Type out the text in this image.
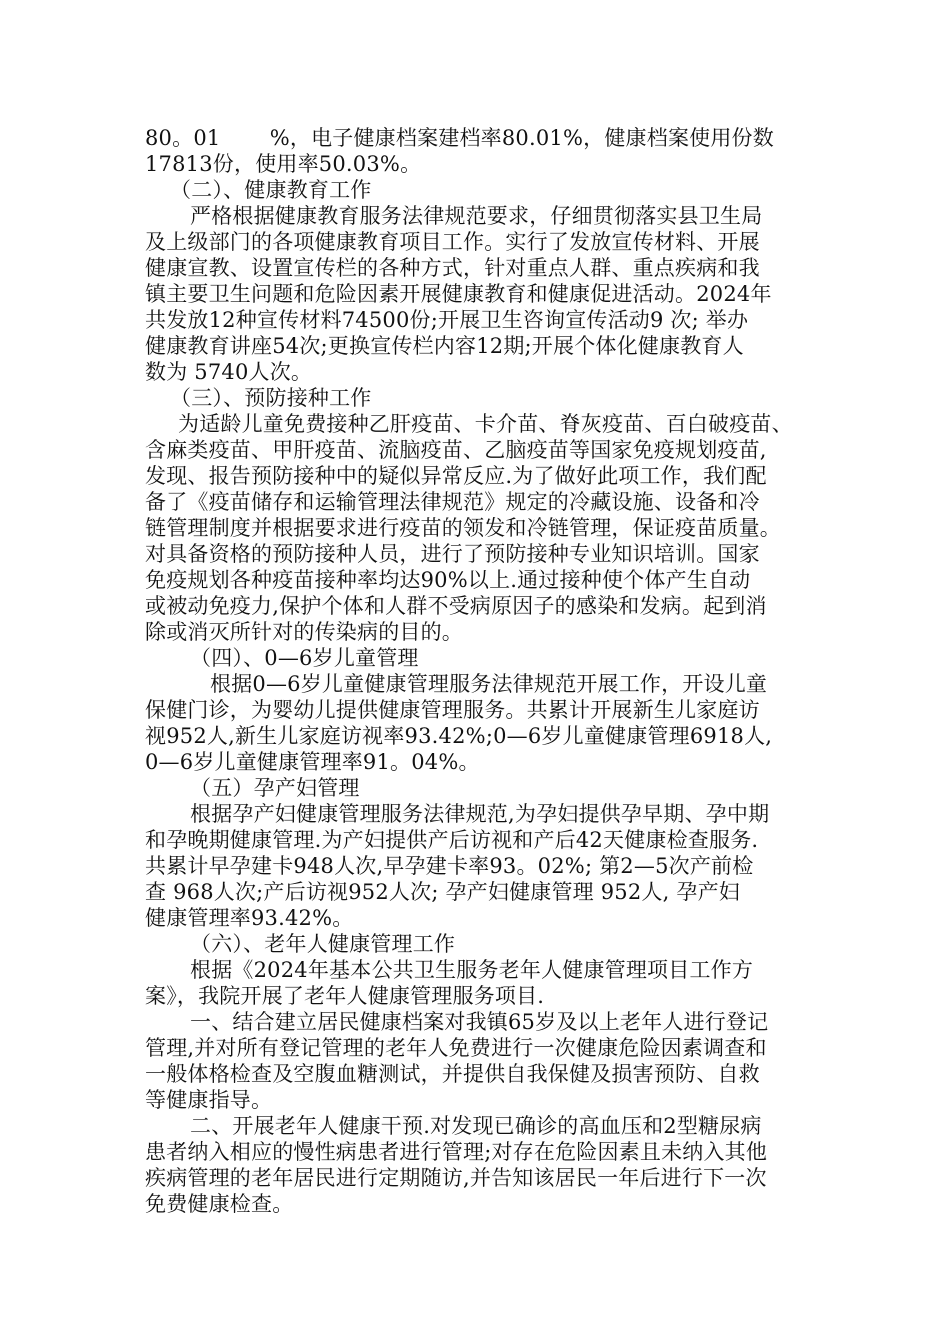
80。01　　 %，电子健康档案建档率80.01%，健康档案使用份数
17813份，使用率50.03%。
（二）、健康教育工作
严格根据健康教育服务法律规范要求，仔细贯彻落实县卫生局
及上级部门的各项健康教育项目工作。实行了发放宣传材料、开展
健康宣教、设置宣传栏的各种方式，针对重点人群、重点疾病和我
镇主要卫生问题和危险因素开展健康教育和健康促进活动。2024年
共发放12种宣传材料74500份;开展卫生咨询宣传活动9 次; 举办
健康教育讲座54次;更换宣传栏内容12期;开展个体化健康教育人
数为 5740人次。
（三）、预防接种工作
为适龄儿童免费接种乙肝疫苗、卡介苗、脊灰疫苗、百白破疫苗、
含麻类疫苗、甲肝疫苗、流脑疫苗、乙脑疫苗等国家免疫规划疫苗,
发现、报告预防接种中的疑似异常反应.为了做好此项工作，我们配
备了《疫苗储存和运输管理法律规范》规定的冷藏设施、设备和冷
链管理制度并根据要求进行疫苗的领发和冷链管理，保证疫苗质量。
对具备资格的预防接种人员，进行了预防接种专业知识培训。国家
免疫规划各种疫苗接种率均达90%以上.通过接种使个体产生自动
或被动免疫力,保护个体和人群不受病原因子的感染和发病。起到消
除或消灭所针对的传染病的目的。
（四）、0—6岁儿童管理
根据0—6岁儿童健康管理服务法律规范开展工作，开设儿童
保健门诊，为婴幼儿提供健康管理服务。共累计开展新生儿家庭访
视952人,新生儿家庭访视率93.42%;0—6岁儿童健康管理6918人,
0—6岁儿童健康管理率91。04%。
（五）孕产妇管理
根据孕产妇健康管理服务法律规范,为孕妇提供孕早期、孕中期
和孕晚期健康管理.为产妇提供产后访视和产后42天健康检查服务.
共累计早孕建卡948人次,早孕建卡率93。02%; 第2—5次产前检
查 968人次;产后访视952人次; 孕产妇健康管理 952人, 孕产妇
健康管理率93.42%。
（六）、老年人健康管理工作
根据《2024年基本公共卫生服务老年人健康管理项目工作方
案》，我院开展了老年人健康管理服务项目.
一、结合建立居民健康档案对我镇65岁及以上老年人进行登记
管理,并对所有登记管理的老年人免费进行一次健康危险因素调查和
一般体格检查及空腹血糖测试，并提供自我保健及损害预防、自救
等健康指导。
二、开展老年人健康干预.对发现已确诊的高血压和2型糖尿病
患者纳入相应的慢性病患者进行管理;对存在危险因素且未纳入其他
疾病管理的老年居民进行定期随访,并告知该居民一年后进行下一次
免费健康检查。
